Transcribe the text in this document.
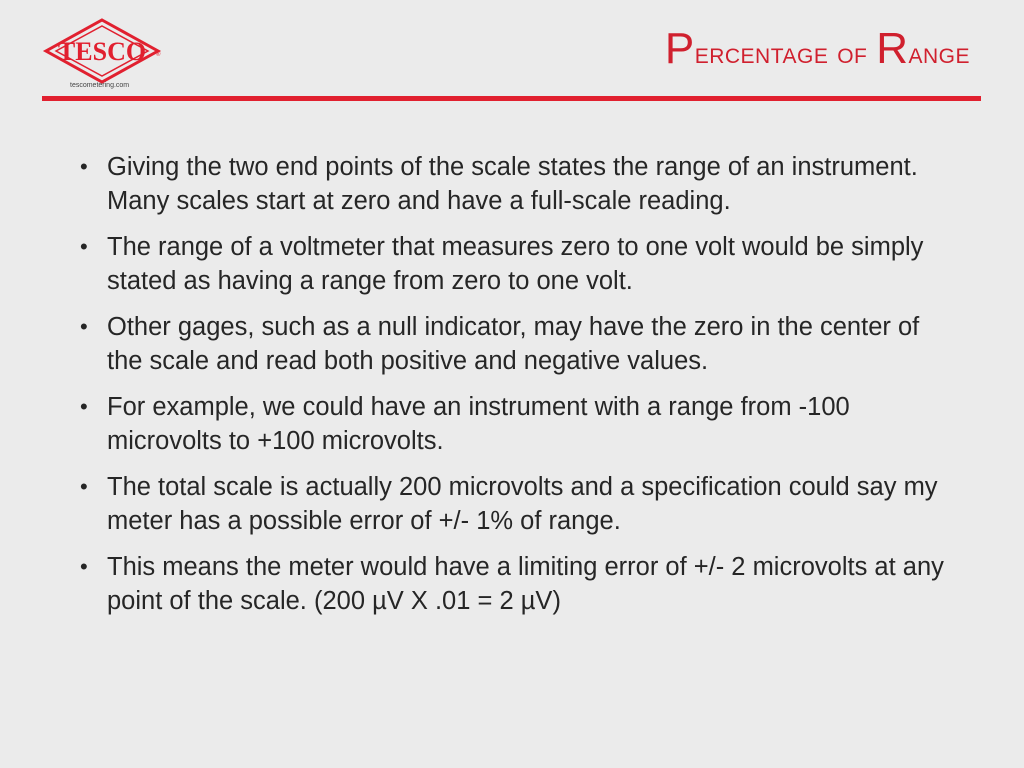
TESCO ®
tescometering.com
Percentage of Range
• Giving the two end points of the scale states the range of an instrument. Many scales start at zero and have a full-scale reading.
• The range of a voltmeter that measures zero to one volt would be simply stated as having a range from zero to one volt.
• Other gages, such as a null indicator, may have the zero in the center of the scale and read both positive and negative values.
• For example, we could have an instrument with a range from -100 microvolts to +100 microvolts.
• The total scale is actually 200 microvolts and a specification could say my meter has a possible error of +/- 1% of range.
• This means the meter would have a limiting error of +/- 2 microvolts at any point of the scale. (200 µV X .01 = 2 µV)
